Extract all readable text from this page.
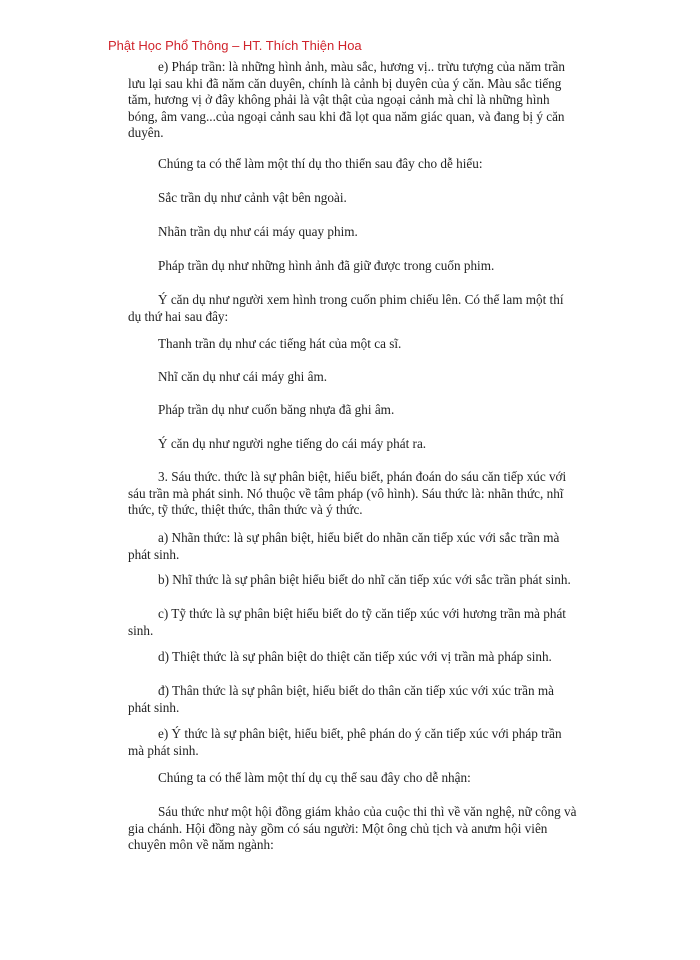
Phật Học Phổ Thông – HT. Thích Thiện Hoa

e) Pháp trần: là những hình ảnh, màu sắc, hương vị.. trừu tượng của năm trần lưu lại sau khi đã năm căn duyên, chính là cảnh bị duyên của ý căn. Màu sắc tiếng tăm, hương vị ở đây không phải là vật thật của ngoại cảnh mà chỉ là những hình bóng, âm vang...của ngoại cảnh sau khi đã lọt qua năm giác quan, và đang bị ý căn duyên.

Chúng ta có thể làm một thí dụ tho thiển sau đây cho dễ hiểu:

Sắc trần dụ như cảnh vật bên ngoài.

Nhãn trần dụ như cái máy quay phim.

Pháp trần dụ như những hình ảnh đã giữ được trong cuốn phim.

Ý căn dụ như người xem hình trong cuốn phim chiếu lên. Có thể lam một thí dụ thứ hai sau đây:

Thanh trần dụ như các tiếng hát của một ca sĩ.

Nhĩ căn dụ như cái máy ghi âm.

Pháp trần dụ như cuốn băng nhựa đã ghi âm.

Ý căn dụ như người nghe tiếng do cái máy phát ra.

3. Sáu thức. thức là sự phân biệt, hiểu biết, phán đoán do sáu căn tiếp xúc với sáu trần mà phát sinh. Nó thuộc về tâm pháp (vô hình). Sáu thức là: nhãn thức, nhĩ thức, tỹ thức, thiệt thức, thân thức và ý thức.

a) Nhãn thức: là sự phân biệt, hiểu biết do nhãn căn tiếp xúc với sắc trần mà phát sinh.

b) Nhĩ thức là sự phân biệt hiểu biết do nhĩ căn tiếp xúc với sắc trần phát sinh.

c) Tỹ thức là sự phân biệt hiểu biết do tỹ căn tiếp xúc với hương trần mà phát sinh.

d) Thiệt thức là sự phân biệt do thiệt căn tiếp xúc với vị trần mà pháp sinh.

đ) Thân thức là sự phân biệt, hiểu biết do thân căn tiếp xúc với xúc trần mà phát sinh.

e) Ý thức là sự phân biệt, hiểu biết, phê phán do ý căn tiếp xúc với pháp trần mà phát sinh.

Chúng ta có thể làm một thí dụ cụ thể sau đây cho dễ nhận:

Sáu thức như một hội đồng giám khảo của cuộc thi thì về văn nghệ, nữ công và gia chánh. Hội đồng này gồm có sáu người: Một ông chủ tịch và anưm hội viên chuyên môn về năm ngành:
